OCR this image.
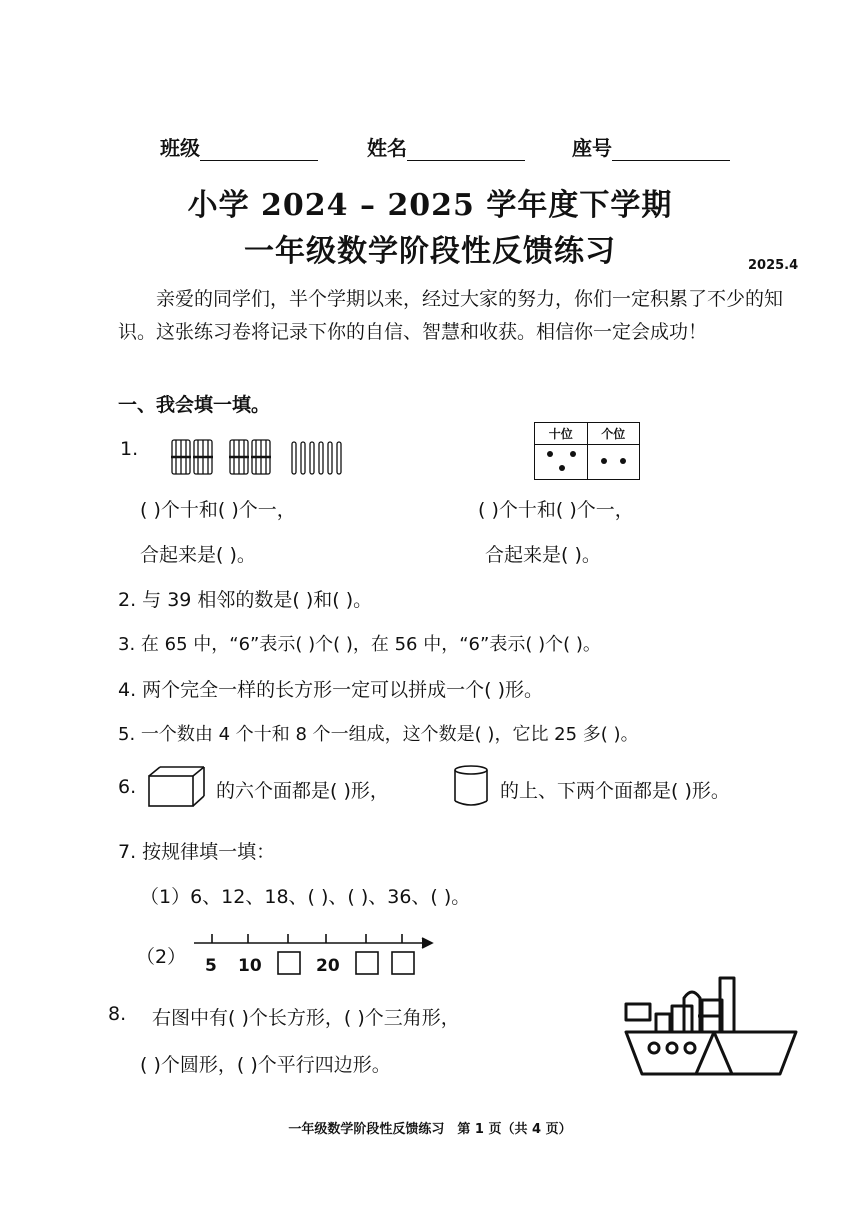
班级	姓名	座号
小学 2024 – 2025 学年度下学期
一年级数学阶段性反馈练习	2025.4
亲爱的同学们，半个学期以来，经过大家的努力，你们一定积累了不少的知识。这张练习卷将记录下你的自信、智慧和收获。相信你一定会成功！
一、我会填一填。
1.
十位	个位

( )个十和( )个一，	( )个十和( )个一，
合起来是( )。	合起来是( )。
2. 与 39 相邻的数是( )和( )。
3. 在 65 中，“6”表示( )个( )，在 56 中，“6”表示( )个( )。
4. 两个完全一样的长方形一定可以拼成一个( )形。
5. 一个数由 4 个十和 8 个一组成，这个数是( )，它比 25 多( )。
6.	的六个面都是( )形，	的上、下两个面都是( )形。
7. 按规律填一填：
（1）6、12、18、( )、( )、36、( )。
（2） 5 10	20
8. 右图中有( )个长方形，( )个三角形，
( )个圆形，( )个平行四边形。
一年级数学阶段性反馈练习　第 1 页（共 4 页）
